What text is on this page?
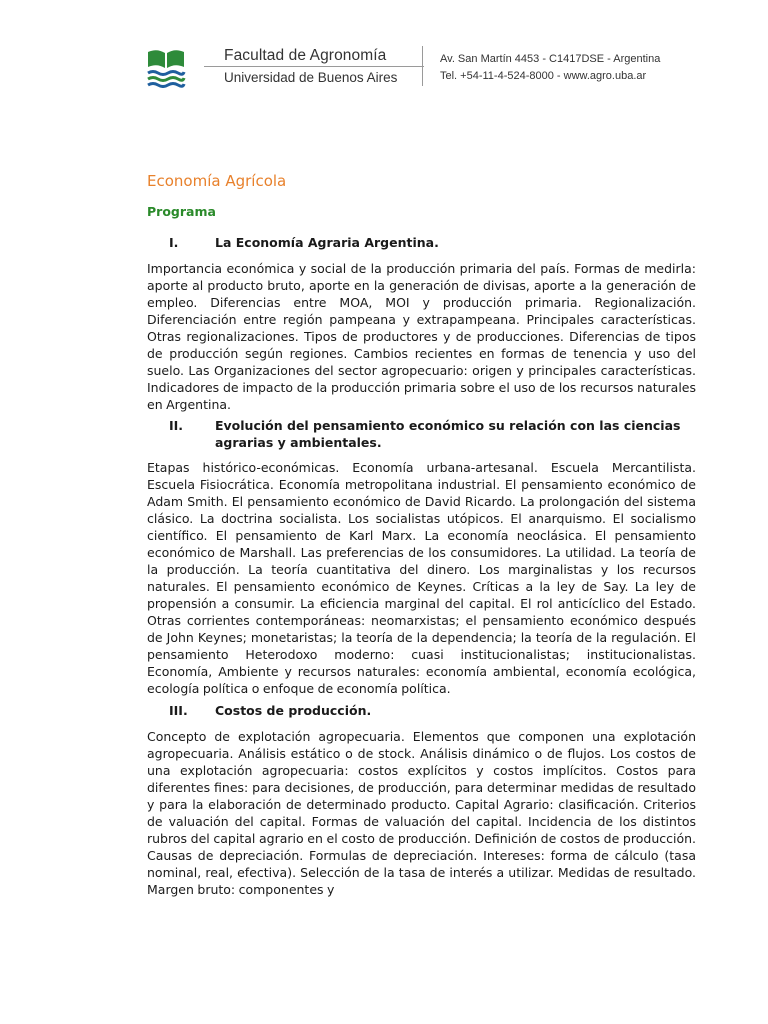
Facultad de Agronomía
Universidad de Buenos Aires
Av. San Martín 4453 - C1417DSE - Argentina
Tel. +54-11-4-524-8000 - www.agro.uba.ar
Economía Agrícola
Programa
I.	La Economía Agraria Argentina.
Importancia económica y social de la producción primaria del país. Formas de medirla: aporte al producto bruto, aporte en la generación de divisas, aporte a la generación de empleo. Diferencias entre MOA, MOI y producción primaria. Regionalización. Diferenciación entre región pampeana y extrapampeana. Principales características. Otras regionalizaciones. Tipos de productores y de producciones. Diferencias de tipos de producción según regiones. Cambios recientes en formas de tenencia y uso del suelo. Las Organizaciones del sector agropecuario: origen y principales características. Indicadores de impacto de la producción primaria sobre el uso de los recursos naturales en Argentina.
II.	Evolución del pensamiento económico su relación con las ciencias agrarias y ambientales.
Etapas histórico-económicas. Economía urbana-artesanal. Escuela Mercantilista. Escuela Fisiocrática. Economía metropolitana industrial. El pensamiento económico de Adam Smith. El pensamiento económico de David Ricardo. La prolongación del sistema clásico. La doctrina socialista. Los socialistas utópicos. El anarquismo. El socialismo científico. El pensamiento de Karl Marx. La economía neoclásica. El pensamiento económico de Marshall. Las preferencias de los consumidores. La utilidad. La teoría de la producción. La teoría cuantitativa del dinero. Los marginalistas y los recursos naturales. El pensamiento económico de Keynes. Críticas a la ley de Say. La ley de propensión a consumir. La eficiencia marginal del capital. El rol anticíclico del Estado. Otras corrientes contemporáneas: neomarxistas; el pensamiento económico después de John Keynes; monetaristas; la teoría de la dependencia; la teoría de la regulación. El pensamiento Heterodoxo moderno: cuasi institucionalistas; institucionalistas. Economía, Ambiente y recursos naturales: economía ambiental, economía ecológica, ecología política o enfoque de economía política.
III.	Costos de producción.
Concepto de explotación agropecuaria. Elementos que componen una explotación agropecuaria. Análisis estático o de stock. Análisis dinámico o de flujos. Los costos de una explotación agropecuaria: costos explícitos y costos implícitos. Costos para diferentes fines: para decisiones, de producción, para determinar medidas de resultado y para la elaboración de determinado producto. Capital Agrario: clasificación. Criterios de valuación del capital. Formas de valuación del capital. Incidencia de los distintos rubros del capital agrario en el costo de producción. Definición de costos de producción. Causas de depreciación. Formulas de depreciación. Intereses: forma de cálculo (tasa nominal, real, efectiva). Selección de la tasa de interés a utilizar. Medidas de resultado. Margen bruto: componentes y
